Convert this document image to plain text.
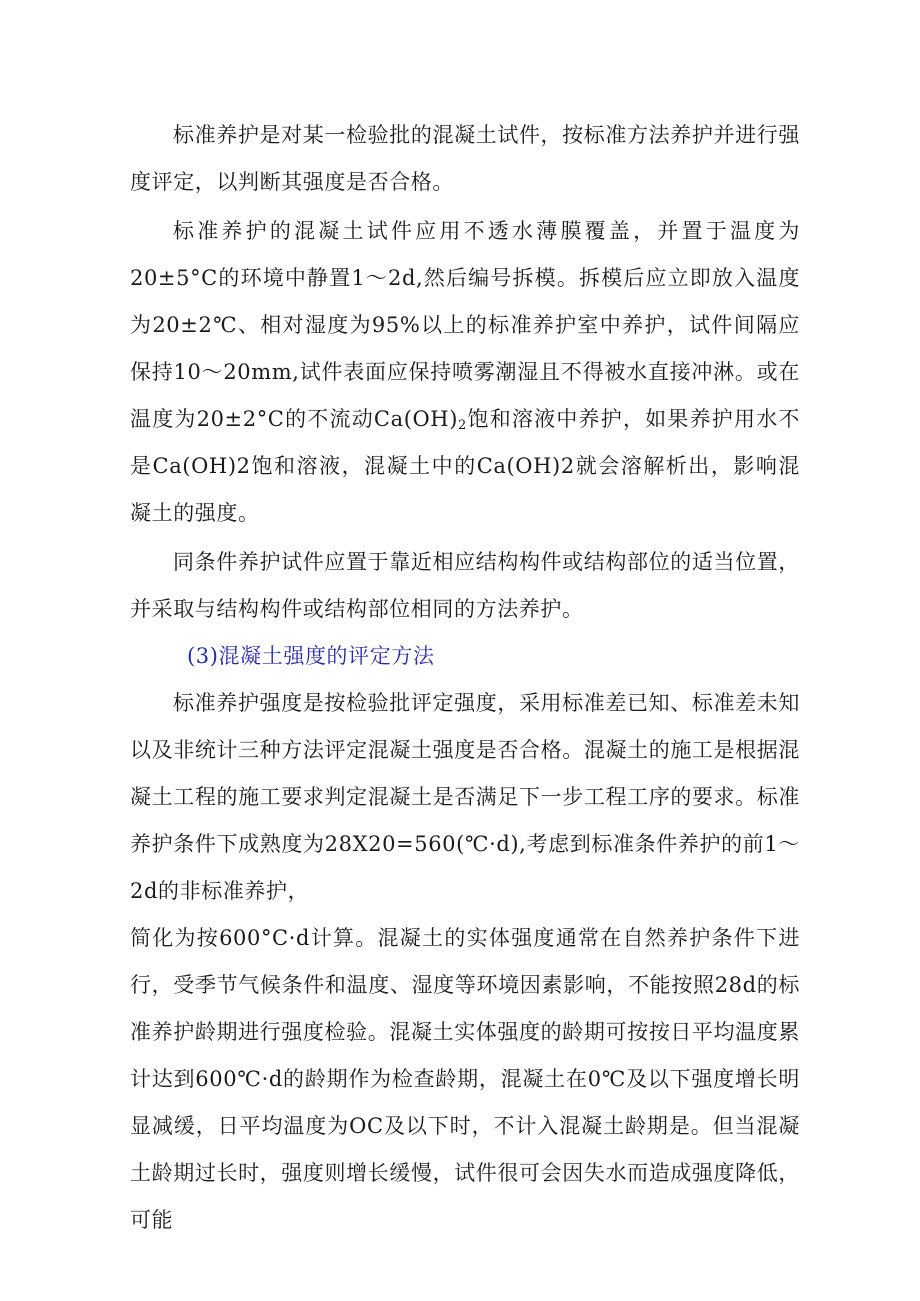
标准养护是对某一检验批的混凝土试件，按标准方法养护并进行强度评定，以判断其强度是否合格。

标准养护的混凝土试件应用不透水薄膜覆盖，并置于温度为20±5°C的环境中静置1～2d,然后编号拆模。拆模后应立即放入温度为20±2℃、相对湿度为95%以上的标准养护室中养护，试件间隔应保持10～20mm,试件表面应保持喷雾潮湿且不得被水直接冲淋。或在温度为20±2°C的不流动$Ca(OH)_2$饱和溶液中养护，如果养护用水不是Ca(OH)2饱和溶液，混凝土中的Ca(OH)2就会溶解析出，影响混凝土的强度。

同条件养护试件应置于靠近相应结构构件或结构部位的适当位置，并采取与结构构件或结构部位相同的方法养护。

(3)混凝土强度的评定方法

标准养护强度是按检验批评定强度，采用标准差已知、标准差未知以及非统计三种方法评定混凝土强度是否合格。混凝土的施工是根据混凝土工程的施工要求判定混凝土是否满足下一步工程工序的要求。标准养护条件下成熟度为28X20=560(℃·d),考虑到标准条件养护的前1～2d的非标准养护，

简化为按600°C·d计算。混凝土的实体强度通常在自然养护条件下进行，受季节气候条件和温度、湿度等环境因素影响，不能按照28d的标准养护龄期进行强度检验。混凝土实体强度的龄期可按按日平均温度累计达到600℃·d的龄期作为检查龄期，混凝土在0℃及以下强度增长明显减缓，日平均温度为OC及以下时，不计入混凝土龄期是。但当混凝土龄期过长时，强度则增长缓慢，试件很可会因失水而造成强度降低，可能
